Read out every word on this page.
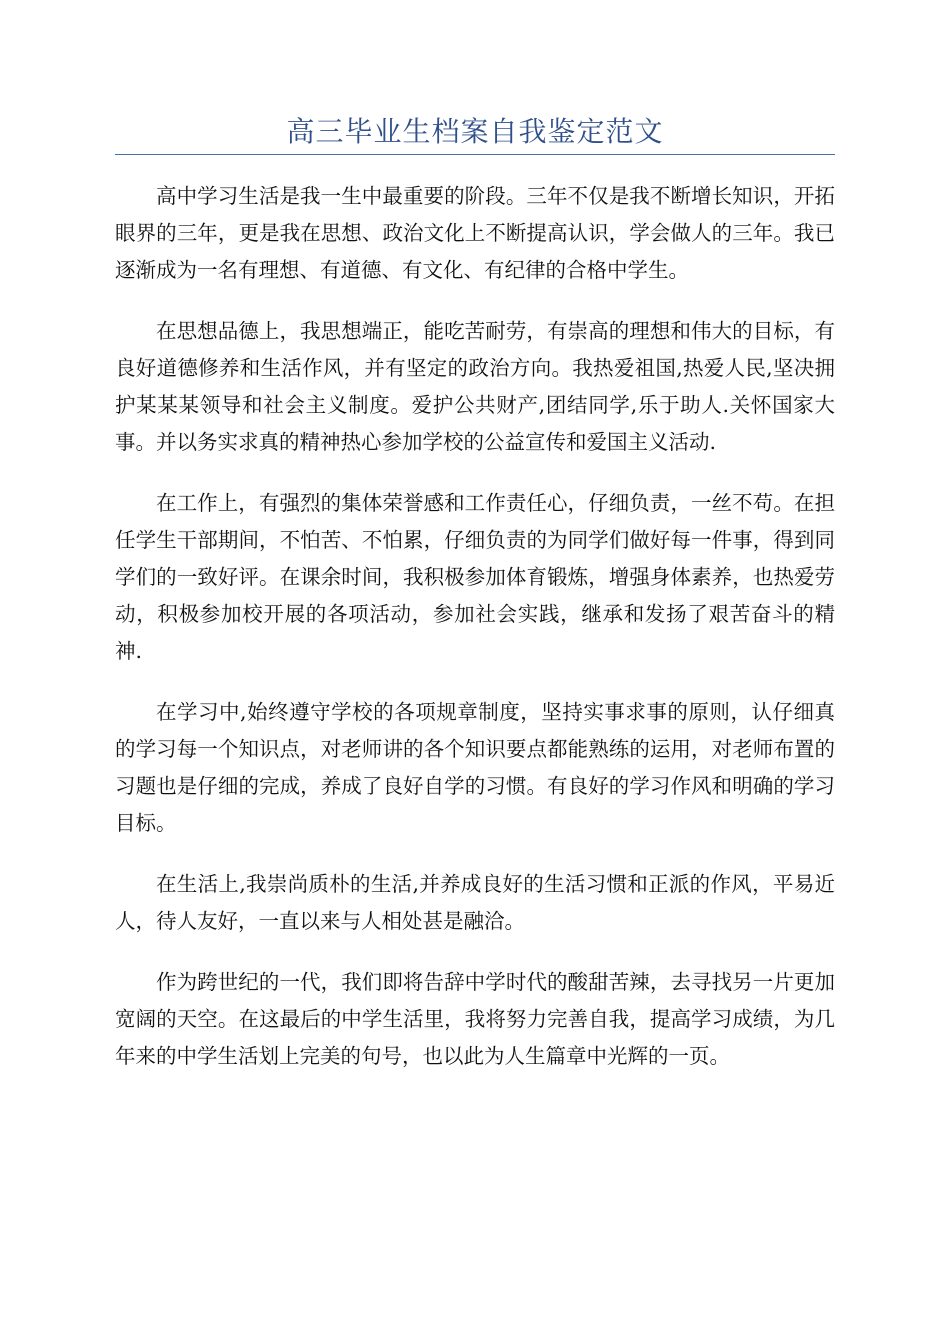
高三毕业生档案自我鉴定范文

高中学习生活是我一生中最重要的阶段。三年不仅是我不断增长知识，开拓眼界的三年，更是我在思想、政治文化上不断提高认识，学会做人的三年。我已逐渐成为一名有理想、有道德、有文化、有纪律的合格中学生。

在思想品德上，我思想端正，能吃苦耐劳，有崇高的理想和伟大的目标，有良好道德修养和生活作风，并有坚定的政治方向。我热爱祖国,热爱人民,坚决拥护某某某领导和社会主义制度。爱护公共财产,团结同学,乐于助人.关怀国家大事。并以务实求真的精神热心参加学校的公益宣传和爱国主义活动.

在工作上，有强烈的集体荣誉感和工作责任心，仔细负责，一丝不苟。在担任学生干部期间，不怕苦、不怕累，仔细负责的为同学们做好每一件事，得到同学们的一致好评。在课余时间，我积极参加体育锻炼，增强身体素养，也热爱劳动，积极参加校开展的各项活动，参加社会实践，继承和发扬了艰苦奋斗的精神.

在学习中,始终遵守学校的各项规章制度，坚持实事求事的原则，认仔细真的学习每一个知识点，对老师讲的各个知识要点都能熟练的运用，对老师布置的习题也是仔细的完成，养成了良好自学的习惯。有良好的学习作风和明确的学习目标。

在生活上,我崇尚质朴的生活,并养成良好的生活习惯和正派的作风，平易近人，待人友好，一直以来与人相处甚是融洽。

作为跨世纪的一代，我们即将告辞中学时代的酸甜苦辣，去寻找另一片更加宽阔的天空。在这最后的中学生活里，我将努力完善自我，提高学习成绩，为几年来的中学生活划上完美的句号，也以此为人生篇章中光辉的一页。
